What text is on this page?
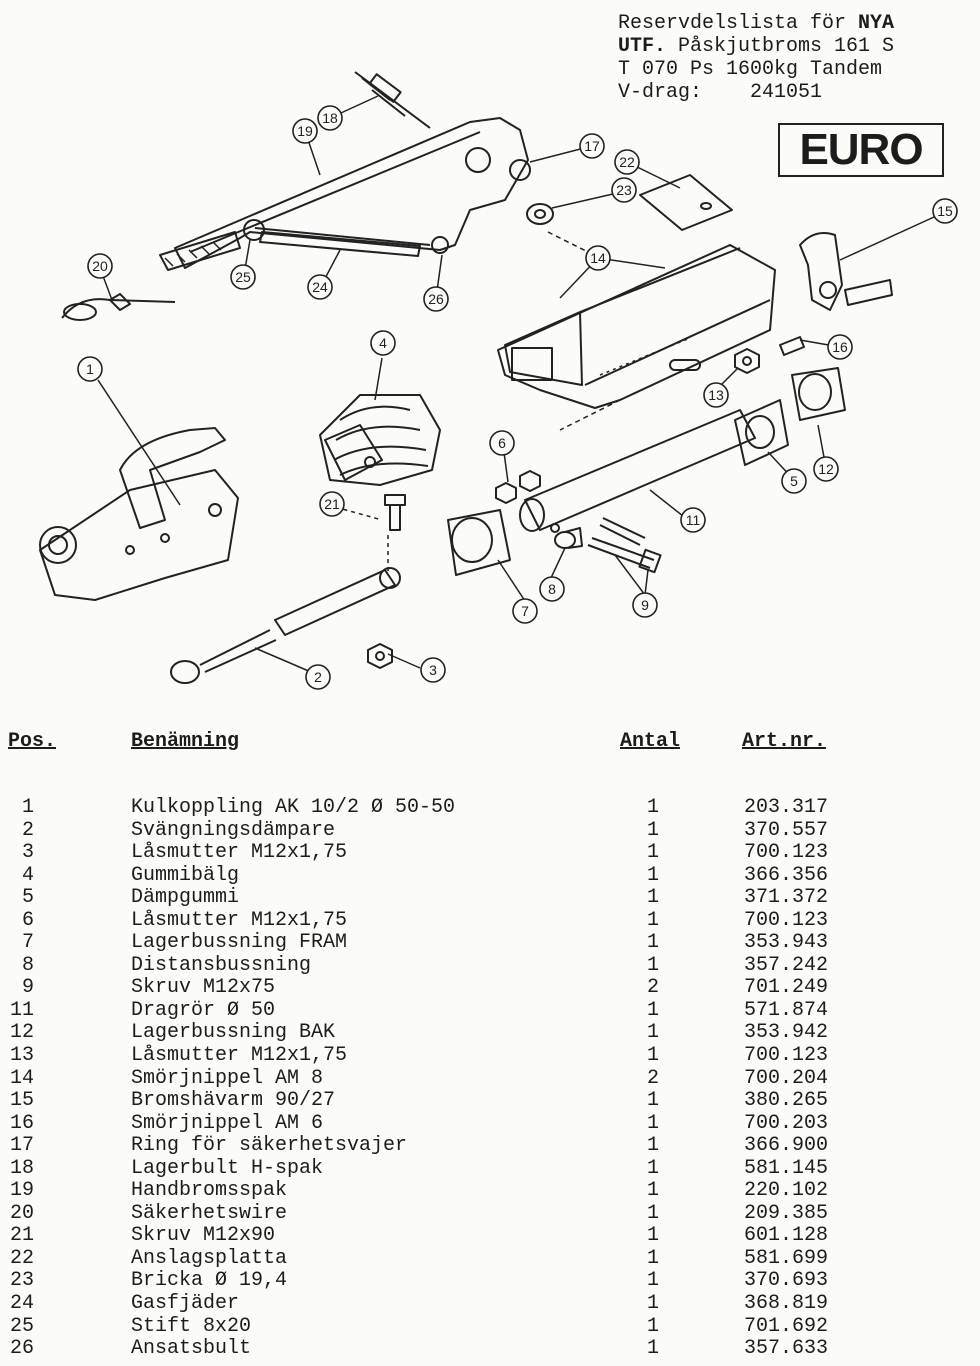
Reservdelslista för NYA
UTF. Påskjutbroms 161 S
T 070 Ps 1600kg Tandem
V-drag:    241051
EURO
1
2	3
4
5
6
7
8
9
11
12
13
14
15
16
17
18
19
20
21
22
23
24
25
26
Pos.	Benämning	Antal	Art.nr.
1	Kulkoppling AK 10/2 Ø 50-50	1	203.317
2	Svängningsdämpare	1	370.557
3	Låsmutter M12x1,75	1	700.123
4	Gummibälg	1	366.356
5	Dämpgummi	1	371.372
6	Låsmutter M12x1,75	1	700.123
7	Lagerbussning FRAM	1	353.943
8	Distansbussning	1	357.242
9	Skruv M12x75	2	701.249
11	Dragrör Ø 50	1	571.874
12	Lagerbussning BAK	1	353.942
13	Låsmutter M12x1,75	1	700.123
14	Smörjnippel AM 8	2	700.204
15	Bromshävarm 90/27	1	380.265
16	Smörjnippel AM 6	1	700.203
17	Ring för säkerhetsvajer	1	366.900
18	Lagerbult H-spak	1	581.145
19	Handbromsspak	1	220.102
20	Säkerhetswire	1	209.385
21	Skruv M12x90	1	601.128
22	Anslagsplatta	1	581.699
23	Bricka Ø 19,4	1	370.693
24	Gasfjäder	1	368.819
25	Stift 8x20	1	701.692
26	Ansatsbult	1	357.633
